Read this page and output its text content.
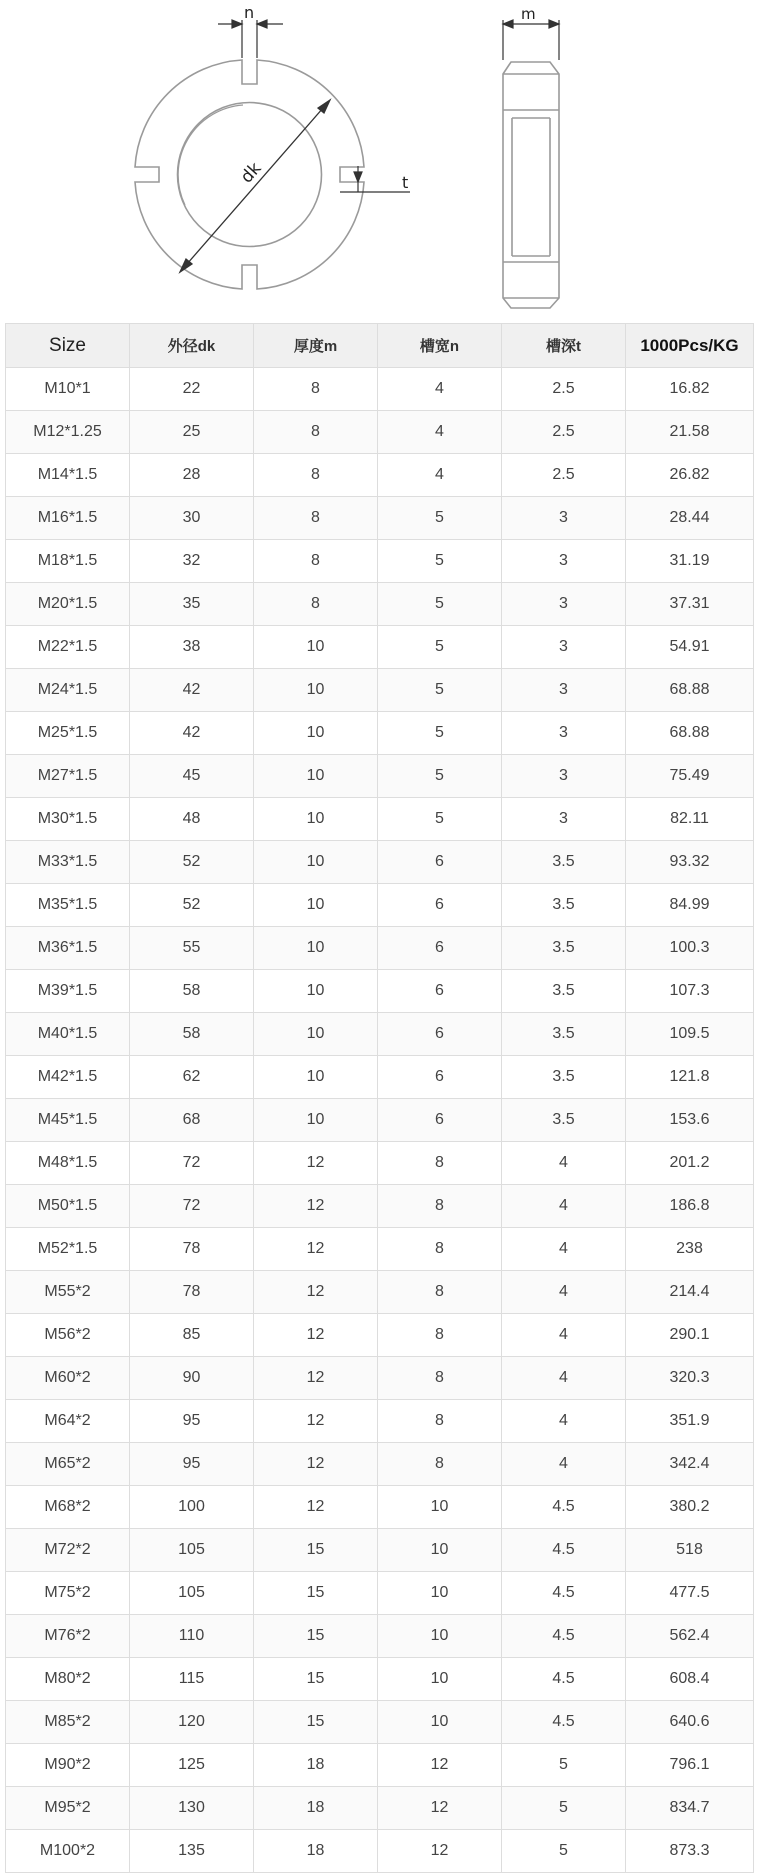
dk
n
t
m
Size	外径dk	厚度m	槽宽n	槽深t	1000Pcs/KG
M10*1	22	8	4	2.5	16.82
M12*1.25	25	8	4	2.5	21.58
M14*1.5	28	8	4	2.5	26.82
M16*1.5	30	8	5	3	28.44
M18*1.5	32	8	5	3	31.19
M20*1.5	35	8	5	3	37.31
M22*1.5	38	10	5	3	54.91
M24*1.5	42	10	5	3	68.88
M25*1.5	42	10	5	3	68.88
M27*1.5	45	10	5	3	75.49
M30*1.5	48	10	5	3	82.11
M33*1.5	52	10	6	3.5	93.32
M35*1.5	52	10	6	3.5	84.99
M36*1.5	55	10	6	3.5	100.3
M39*1.5	58	10	6	3.5	107.3
M40*1.5	58	10	6	3.5	109.5
M42*1.5	62	10	6	3.5	121.8
M45*1.5	68	10	6	3.5	153.6
M48*1.5	72	12	8	4	201.2
M50*1.5	72	12	8	4	186.8
M52*1.5	78	12	8	4	238
M55*2	78	12	8	4	214.4
M56*2	85	12	8	4	290.1
M60*2	90	12	8	4	320.3
M64*2	95	12	8	4	351.9
M65*2	95	12	8	4	342.4
M68*2	100	12	10	4.5	380.2
M72*2	105	15	10	4.5	518
M75*2	105	15	10	4.5	477.5
M76*2	110	15	10	4.5	562.4
M80*2	115	15	10	4.5	608.4
M85*2	120	15	10	4.5	640.6
M90*2	125	18	12	5	796.1
M95*2	130	18	12	5	834.7
M100*2	135	18	12	5	873.3
